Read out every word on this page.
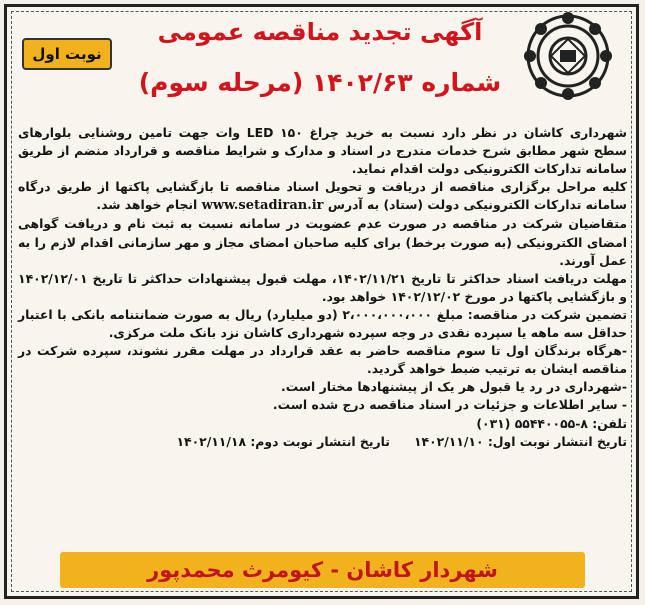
نوبت اول
آگهی تجدید مناقصه عمومی
شماره ۱۴۰۲/۶۳ (مرحله سوم)

شهرداری کاشان در نظر دارد نسبت به خرید چراغ LED ۱۵۰ وات جهت تامین روشنایی بلوارهای سطح شهر مطابق شرح خدمات مندرج در اسناد و مدارک و شرایط مناقصه و قرارداد منضم از طریق سامانه تدارکات الکترونیکی دولت اقدام نماید.

کلیه مراحل برگزاری مناقصه از دریافت و تحویل اسناد مناقصه تا بازگشایی پاکتها از طریق درگاه سامانه تدارکات الکترونیکی دولت (ستاد) به آدرس www.setadiran.ir انجام خواهد شد.

متقاضیان شرکت در مناقصه در صورت عدم عضویت در سامانه نسبت به ثبت نام و دریافت گواهی امضای الکترونیکی (به صورت برخط) برای کلیه صاحبان امضای مجاز و مهر سازمانی اقدام لازم را به عمل آورند.

مهلت دریافت اسناد حداکثر تا تاریخ ۱۴۰۲/۱۱/۲۱، مهلت قبول پیشنهادات حداکثر تا تاریخ ۱۴۰۲/۱۲/۰۱ و بازگشایی پاکتها در مورخ ۱۴۰۲/۱۲/۰۲ خواهد بود.

تضمین شرکت در مناقصه: مبلغ ۲،۰۰۰،۰۰۰،۰۰۰ (دو میلیارد) ریال به صورت ضمانتنامه بانکی با اعتبار حداقل سه ماهه یا سپرده نقدی در وجه سپرده شهرداری کاشان نزد بانک ملت مرکزی.

-هرگاه برندگان اول تا سوم مناقصه حاضر به عقد قرارداد در مهلت مقرر نشوند، سپرده شرکت در مناقصه ایشان به ترتیب ضبط خواهد گردید.

-شهرداری در رد یا قبول هر یک از پیشنهادها مختار است.

- سایر اطلاعات و جزئیات در اسناد مناقصه درج شده است.

تلفن: ۸-۵۵۴۴۰۰۵۵ (۰۳۱)

تاریخ انتشار نوبت اول: ۱۴۰۲/۱۱/۱۰
تاریخ انتشار نوبت دوم: ۱۴۰۲/۱۱/۱۸

شهردار کاشان - کیومرث محمدپور
